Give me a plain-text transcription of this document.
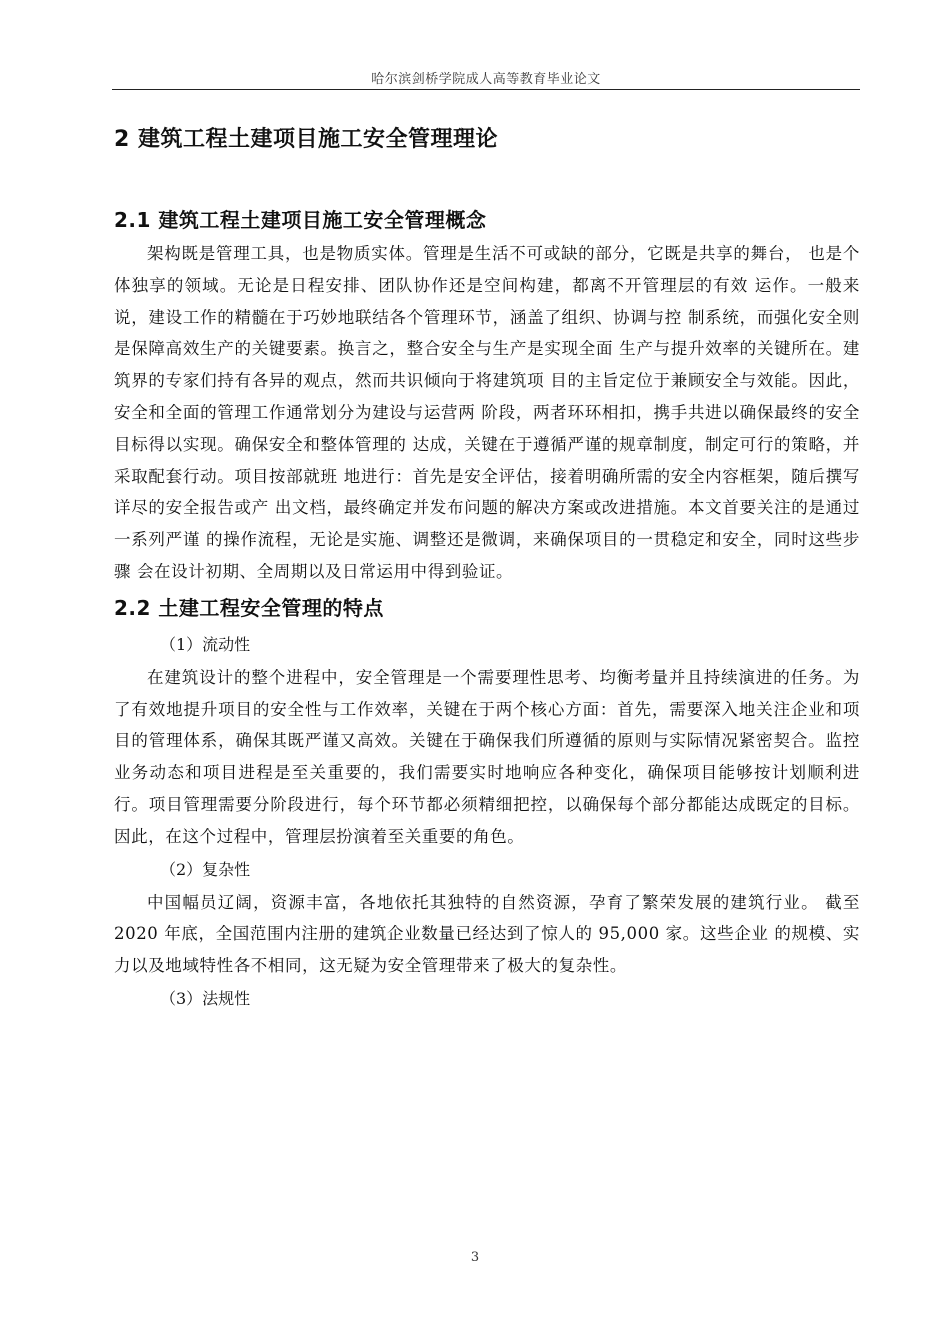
哈尔滨剑桥学院成人高等教育毕业论文
2 建筑工程土建项目施工安全管理理论
2.1 建筑工程土建项目施工安全管理概念

架构既是管理工具，也是物质实体。管理是生活不可或缺的部分，它既是共享的舞台， 也是个体独享的领域。无论是日程安排、团队协作还是空间构建，都离不开管理层的有效 运作。一般来说，建设工作的精髓在于巧妙地联结各个管理环节，涵盖了组织、协调与控 制系统，而强化安全则是保障高效生产的关键要素。换言之，整合安全与生产是实现全面 生产与提升效率的关键所在。建筑界的专家们持有各异的观点，然而共识倾向于将建筑项 目的主旨定位于兼顾安全与效能。因此，安全和全面的管理工作通常划分为建设与运营两 阶段，两者环环相扣，携手共进以确保最终的安全目标得以实现。确保安全和整体管理的 达成，关键在于遵循严谨的规章制度，制定可行的策略，并采取配套行动。项目按部就班 地进行：首先是安全评估，接着明确所需的安全内容框架，随后撰写详尽的安全报告或产 出文档，最终确定并发布问题的解决方案或改进措施。本文首要关注的是通过一系列严谨 的操作流程，无论是实施、调整还是微调，来确保项目的一贯稳定和安全，同时这些步骤 会在设计初期、全周期以及日常运用中得到验证。

2.2 土建工程安全管理的特点

（1）流动性

在建筑设计的整个进程中，安全管理是一个需要理性思考、均衡考量并且持续演进的任务。为了有效地提升项目的安全性与工作效率，关键在于两个核心方面：首先，需要深入地关注企业和项目的管理体系，确保其既严谨又高效。关键在于确保我们所遵循的原则与实际情况紧密契合。监控业务动态和项目进程是至关重要的，我们需要实时地响应各种变化，确保项目能够按计划顺利进行。项目管理需要分阶段进行，每个环节都必须精细把控，以确保每个部分都能达成既定的目标。因此，在这个过程中，管理层扮演着至关重要的角色。

（2）复杂性

中国幅员辽阔，资源丰富，各地依托其独特的自然资源，孕育了繁荣发展的建筑行业。 截至 2020 年底，全国范围内注册的建筑企业数量已经达到了惊人的 95,000 家。这些企业 的规模、实力以及地域特性各不相同，这无疑为安全管理带来了极大的复杂性。

（3）法规性

3
